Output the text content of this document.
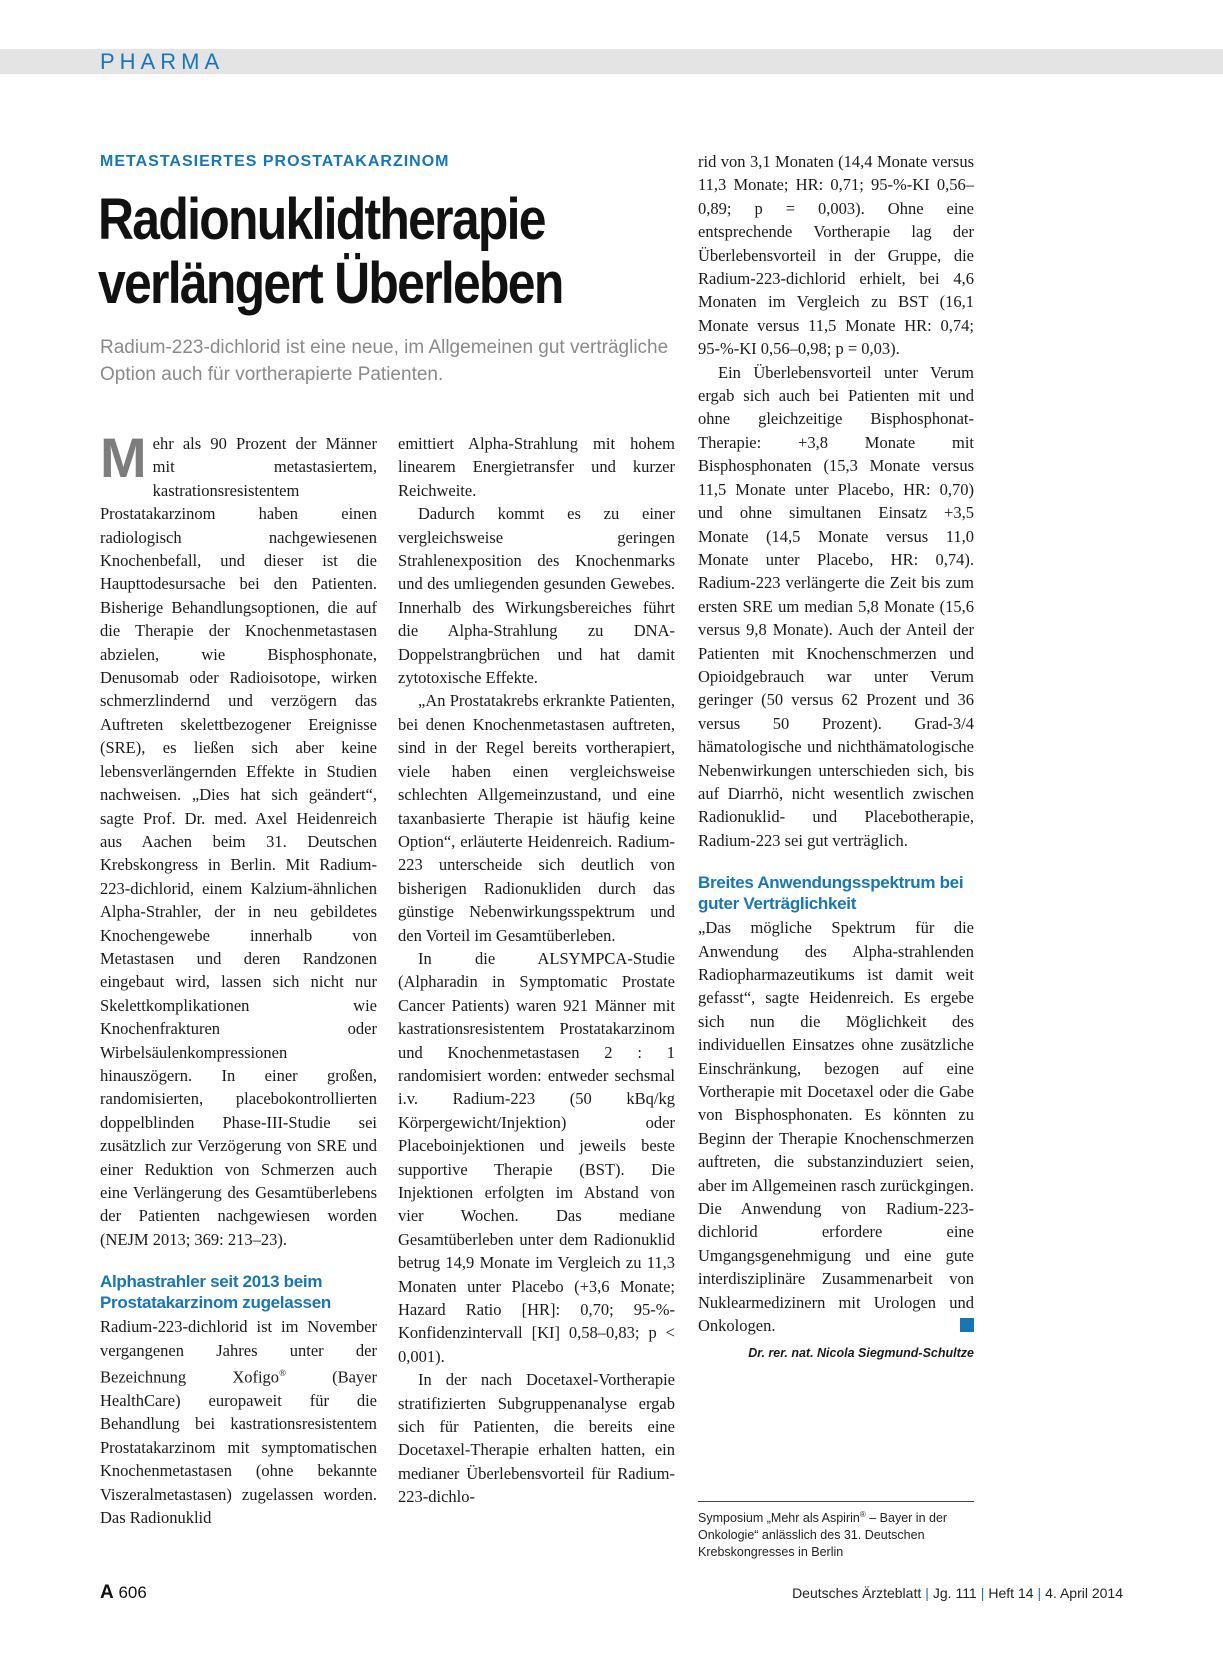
PHARMA
METASTASIERTES PROSTATAKARZINOM
Radionuklidtherapie
verlängert Überleben
Radium-223-dichlorid ist eine neue, im Allgemeinen gut verträgliche Option auch für vortherapierte Patienten.

Mehr als 90 Prozent der Männer mit metastasiertem, kastrationsresistentem Prostatakarzinom haben einen radiologisch nachgewiesenen Knochenbefall, und dieser ist die Haupttodesursache bei den Patienten. Bisherige Behandlungsoptionen, die auf die Therapie der Knochenmetastasen abzielen, wie Bisphosphonate, Denusomab oder Radioisotope, wirken schmerzlindernd und verzögern das Auftreten skelettbezogener Ereignisse (SRE), es ließen sich aber keine lebensverlängernden Effekte in Studien nachweisen. „Dies hat sich geändert“, sagte Prof. Dr. med. Axel Heidenreich aus Aachen beim 31. Deutschen Krebskongress in Berlin. Mit Radium-223-dichlorid, einem Kalzium-ähnlichen Alpha-Strahler, der in neu gebildetes Knochengewebe innerhalb von Metastasen und deren Randzonen eingebaut wird, lassen sich nicht nur Skelettkomplikationen wie Knochenfrakturen oder Wirbelsäulenkompressionen hinauszögern. In einer großen, randomisierten, placebokontrollierten doppelblinden Phase-III-Studie sei zusätzlich zur Verzögerung von SRE und einer Reduktion von Schmerzen auch eine Verlängerung des Gesamtüberlebens der Patienten nachgewiesen worden (NEJM 2013; 369: 213–23).

Alphastrahler seit 2013 beim Prostatakarzinom zugelassen

Radium-223-dichlorid ist im November vergangenen Jahres unter der Bezeichnung Xofigo® (Bayer HealthCare) europaweit für die Behandlung bei kastrationsresistentem Prostatakarzinom mit symptomatischen Knochenmetastasen (ohne bekannte Viszeralmetastasen) zugelassen worden. Das Radionuklid

emittiert Alpha-Strahlung mit hohem linearem Energietransfer und kurzer Reichweite.

Dadurch kommt es zu einer vergleichsweise geringen Strahlenexposition des Knochenmarks und des umliegenden gesunden Gewebes. Innerhalb des Wirkungsbereiches führt die Alpha-Strahlung zu DNA-Doppelstrangbrüchen und hat damit zytotoxische Effekte.

„An Prostatakrebs erkrankte Patienten, bei denen Knochenmetastasen auftreten, sind in der Regel bereits vortherapiert, viele haben einen vergleichsweise schlechten Allgemeinzustand, und eine taxanbasierte Therapie ist häufig keine Option“, erläuterte Heidenreich. Radium-223 unterscheide sich deutlich von bisherigen Radionukliden durch das günstige Nebenwirkungsspektrum und den Vorteil im Gesamtüberleben.

In die ALSYMPCA-Studie (Alpharadin in Symptomatic Prostate Cancer Patients) waren 921 Männer mit kastrationsresistentem Prostatakarzinom und Knochenmetastasen 2 : 1 randomisiert worden: entweder sechsmal i.v. Radium-223 (50 kBq/kg Körpergewicht/Injektion) oder Placeboinjektionen und jeweils beste supportive Therapie (BST). Die Injektionen erfolgten im Abstand von vier Wochen. Das mediane Gesamtüberleben unter dem Radionuklid betrug 14,9 Monate im Vergleich zu 11,3 Monaten unter Placebo (+3,6 Monate; Hazard Ratio [HR]: 0,70; 95-%-Konfidenzintervall [KI] 0,58–0,83; p < 0,001).

In der nach Docetaxel-Vortherapie stratifizierten Subgruppenanalyse ergab sich für Patienten, die bereits eine Docetaxel-Therapie erhalten hatten, ein medianer Überlebensvorteil für Radium-223-dichlo-

rid von 3,1 Monaten (14,4 Monate versus 11,3 Monate; HR: 0,71; 95-%-KI 0,56–0,89; p = 0,003). Ohne eine entsprechende Vortherapie lag der Überlebensvorteil in der Gruppe, die Radium-223-dichlorid erhielt, bei 4,6 Monaten im Vergleich zu BST (16,1 Monate versus 11,5 Monate HR: 0,74; 95-%-KI 0,56–0,98; p = 0,03).

Ein Überlebensvorteil unter Verum ergab sich auch bei Patienten mit und ohne gleichzeitige Bisphosphonat-Therapie: +3,8 Monate mit Bisphosphonaten (15,3 Monate versus 11,5 Monate unter Placebo, HR: 0,70) und ohne simultanen Einsatz +3,5 Monate (14,5 Monate versus 11,0 Monate unter Placebo, HR: 0,74). Radium-223 verlängerte die Zeit bis zum ersten SRE um median 5,8 Monate (15,6 versus 9,8 Monate). Auch der Anteil der Patienten mit Knochenschmerzen und Opioidgebrauch war unter Verum geringer (50 versus 62 Prozent und 36 versus 50 Prozent). Grad-3/4 hämatologische und nichthämatologische Nebenwirkungen unterschieden sich, bis auf Diarrhö, nicht wesentlich zwischen Radionuklid- und Placebotherapie, Radium-223 sei gut verträglich.

Breites Anwendungsspektrum bei guter Verträglichkeit

„Das mögliche Spektrum für die Anwendung des Alpha-strahlenden Radiopharmazeutikums ist damit weit gefasst“, sagte Heidenreich. Es ergebe sich nun die Möglichkeit des individuellen Einsatzes ohne zusätzliche Einschränkung, bezogen auf eine Vortherapie mit Docetaxel oder die Gabe von Bisphosphonaten. Es könnten zu Beginn der Therapie Knochenschmerzen auftreten, die substanzinduziert seien, aber im Allgemeinen rasch zurückgingen. Die Anwendung von Radium-223-dichlorid erfordere eine Umgangsgenehmigung und eine gute interdisziplinäre Zusammenarbeit von Nuklearmedizinern mit Urologen und Onkologen.

Dr. rer. nat. Nicola Siegmund-Schultze
Symposium „Mehr als Aspirin® – Bayer in der Onkologie“ anlässlich des 31. Deutschen Krebskongresses in Berlin
A 606	Deutsches Ärzteblatt | Jg. 111 | Heft 14 | 4. April 2014
